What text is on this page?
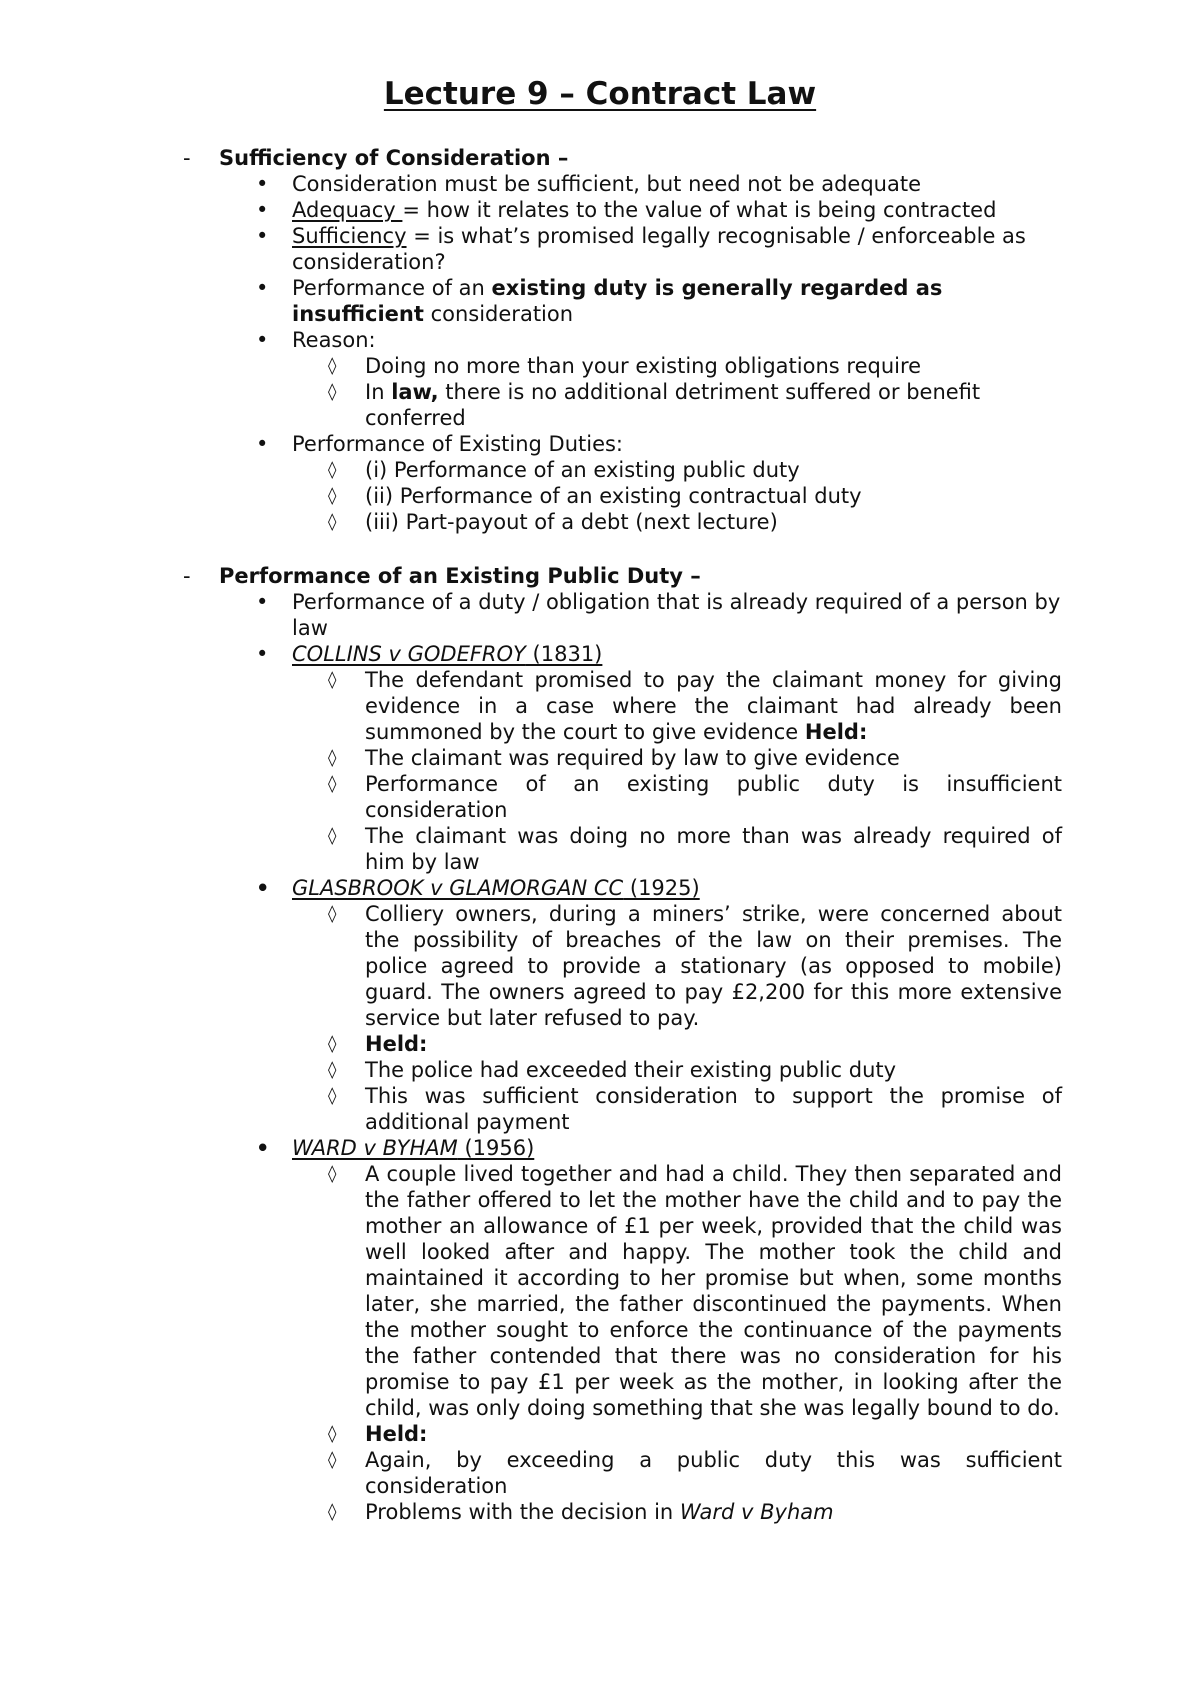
Lecture 9 – Contract Law
- Sufficiency of Consideration –
• Consideration must be sufficient, but need not be adequate
• Adequacy = how it relates to the value of what is being contracted
• Sufficiency = is what’s promised legally recognisable / enforceable as consideration?
• Performance of an existing duty is generally regarded as insufficient consideration
• Reason:
◊ Doing no more than your existing obligations require
◊ In law, there is no additional detriment suffered or benefit conferred
• Performance of Existing Duties:
◊ (i) Performance of an existing public duty
◊ (ii) Performance of an existing contractual duty
◊ (iii) Part-payout of a debt (next lecture)
- Performance of an Existing Public Duty –
• Performance of a duty / obligation that is already required of a person by law
• COLLINS v GODEFROY (1831)
◊ The defendant promised to pay the claimant money for giving evidence in a case where the claimant had already been summoned by the court to give evidence Held:
◊ The claimant was required by law to give evidence
◊ Performance of an existing public duty is insufficient consideration
◊ The claimant was doing no more than was already required of him by law
• GLASBROOK v GLAMORGAN CC (1925)
◊ Colliery owners, during a miners’ strike, were concerned about the possibility of breaches of the law on their premises. The police agreed to provide a stationary (as opposed to mobile) guard. The owners agreed to pay £2,200 for this more extensive service but later refused to pay.
◊ Held:
◊ The police had exceeded their existing public duty
◊ This was sufficient consideration to support the promise of additional payment
• WARD v BYHAM (1956)
◊ A couple lived together and had a child. They then separated and the father offered to let the mother have the child and to pay the mother an allowance of £1 per week, provided that the child was well looked after and happy. The mother took the child and maintained it according to her promise but when, some months later, she married, the father discontinued the payments. When the mother sought to enforce the continuance of the payments the father contended that there was no consideration for his promise to pay £1 per week as the mother, in looking after the child, was only doing something that she was legally bound to do.
◊ Held:
◊ Again, by exceeding a public duty this was sufficient consideration
◊ Problems with the decision in Ward v Byham
